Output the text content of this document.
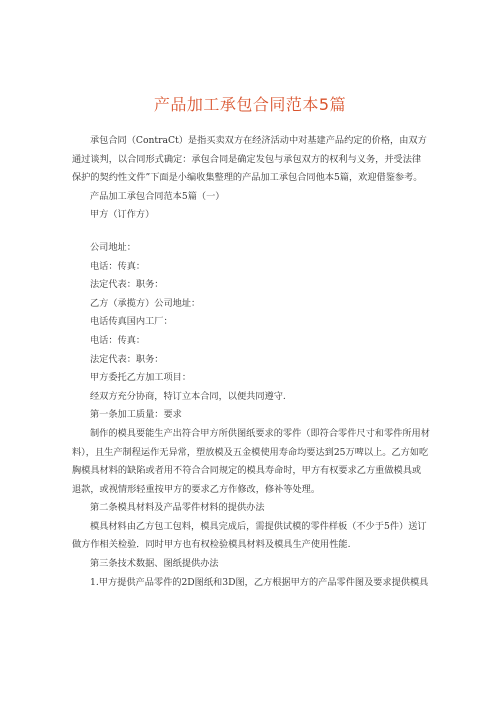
产品加工承包合同范本5篇

承包合同（ContraCt）是指买卖双方在经济活动中对基建产品约定的价格，由双方通过谈判，以合同形式确定：承包合同是确定发包与承包双方的权利与义务，并受法律保护的契约性文件”下面是小编收集整理的产品加工承包合同他本5篇，欢迎借鉴参考。

产品加工承包合同范本5篇（一）

甲方（订作方）

公司地址：

电话：传真：

法定代表：职务：

乙方（承揽方）公司地址：

电话传真国内工厂：

电话：传真：

法定代表：职务：

甲方委托乙方加工项目：

经双方充分协商，特订立本合同，以便共同遵守.

第一条加工质量：要求

制作的模具要能生产出符合甲方所供图纸要求的零件（即符合零件尺寸和零件所用材料），且生产制程运作无异常，塑放模及五金模使用寿命均要达到25万啤以上。乙方如吃胸模具材料的缺陷或者用不符合合同规定的模具寿命时，甲方有权要求乙方重做模具或退款，或视情形轻重按甲方的要求乙方作修改，修补等处理。

第二条模具材料及产品零件材料的提供办法

模具材料由乙方包工包料，模具完成后，需提供试模的零件样板（不少于5件）送订做方作相关检验．同时甲方也有权检验模具材料及模具生产使用性能.

第三条技术数据、图纸提供办法

1.甲方提供产品零件的2D图纸和3D图，乙方根据甲方的产品零件图及要求提供模具
